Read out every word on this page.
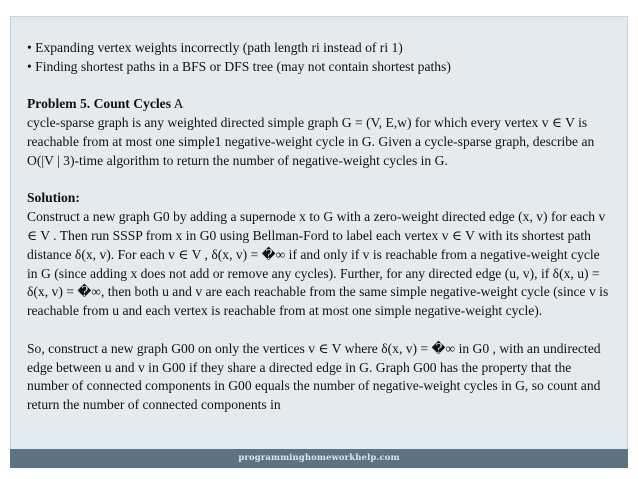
• Expanding vertex weights incorrectly (path length ri instead of ri 1)

• Finding shortest paths in a BFS or DFS tree (may not contain shortest paths)

Problem 5. Count Cycles A
cycle-sparse graph is any weighted directed simple graph G = (V, E,w) for which every vertex v ∈ V is reachable from at most one simple1 negative-weight cycle in G. Given a cycle-sparse graph, describe an O(|V | 3)-time algorithm to return the number of negative-weight cycles in G.

Solution:

Construct a new graph G0 by adding a supernode x to G with a zero-weight directed edge (x, v) for each v ∈ V . Then run SSSP from x in G0 using Bellman-Ford to label each vertex v ∈ V with its shortest path distance δ(x, v). For each v ∈ V , δ(x, v) = �∞ if and only if v is reachable from a negative-weight cycle in G (since adding x does not add or remove any cycles). Further, for any directed edge (u, v), if δ(x, u) = δ(x, v) = �∞, then both u and v are each reachable from the same simple negative-weight cycle (since v is reachable from u and each vertex is reachable from at most one simple negative-weight cycle).

So, construct a new graph G00 on only the vertices v ∈ V where δ(x, v) = �∞ in G0 , with an undirected edge between u and v in G00 if they share a directed edge in G. Graph G00 has the property that the number of connected components in G00 equals the number of negative-weight cycles in G, so count and return the number of connected components in

programminghomeworkhelp.com
